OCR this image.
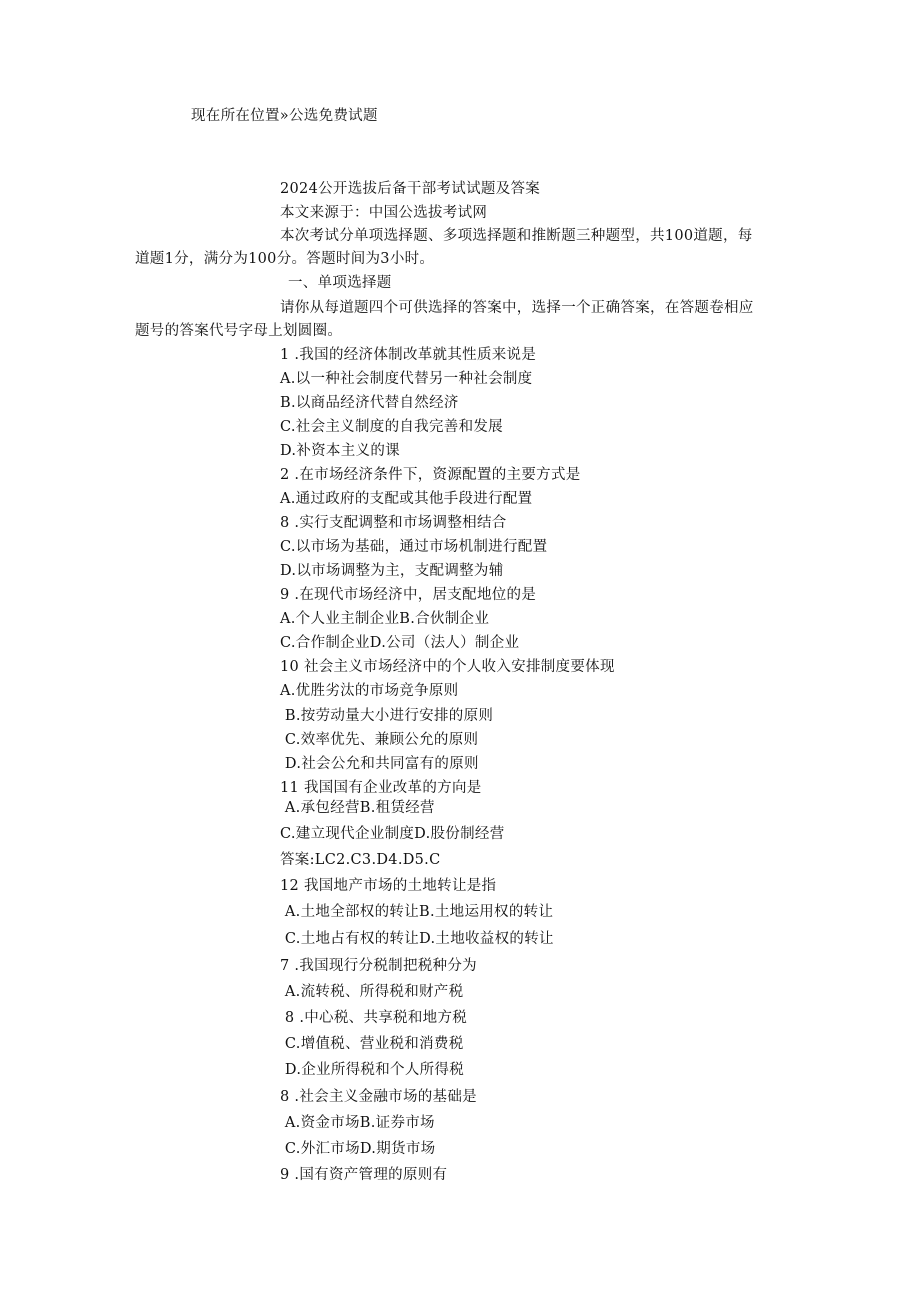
现在所在位置»公选免费试题
2024公开选拔后备干部考试试题及答案
本文来源于：中国公选拔考试网
本次考试分单项选择题、多项选择题和推断题三种题型，共100道题，每
道题1分，满分为100分。答题时间为3小时。
一、单项选择题
请你从每道题四个可供选择的答案中，选择一个正确答案，在答题卷相应
题号的答案代号字母上划圆圈。
1 .我国的经济体制改革就其性质来说是
A.以一种社会制度代替另一种社会制度
B.以商品经济代替自然经济
C.社会主义制度的自我完善和发展
D.补资本主义的课
2 .在市场经济条件下，资源配置的主要方式是
A.通过政府的支配或其他手段进行配置
8 .实行支配调整和市场调整相结合
C.以市场为基础，通过市场机制进行配置
D.以市场调整为主，支配调整为辅
9 .在现代市场经济中，居支配地位的是
A.个人业主制企业B.合伙制企业
C.合作制企业D.公司（法人）制企业
10 社会主义市场经济中的个人收入安排制度要体现
A.优胜劣汰的市场竞争原则
B.按劳动量大小进行安排的原则
C.效率优先、兼顾公允的原则
D.社会公允和共同富有的原则
11 我国国有企业改革的方向是
A.承包经营B.租赁经营
C.建立现代企业制度D.股份制经营
答案:LC2.C3.D4.D5.C
12 我国地产市场的土地转让是指
A.土地全部权的转让B.土地运用权的转让
C.土地占有权的转让D.土地收益权的转让
7 .我国现行分税制把税种分为
A.流转税、所得税和财产税
8 .中心税、共享税和地方税
C.增值税、营业税和消费税
D.企业所得税和个人所得税
8 .社会主义金融市场的基础是
A.资金市场B.证券市场
C.外汇市场D.期货市场
9 .国有资产管理的原则有
